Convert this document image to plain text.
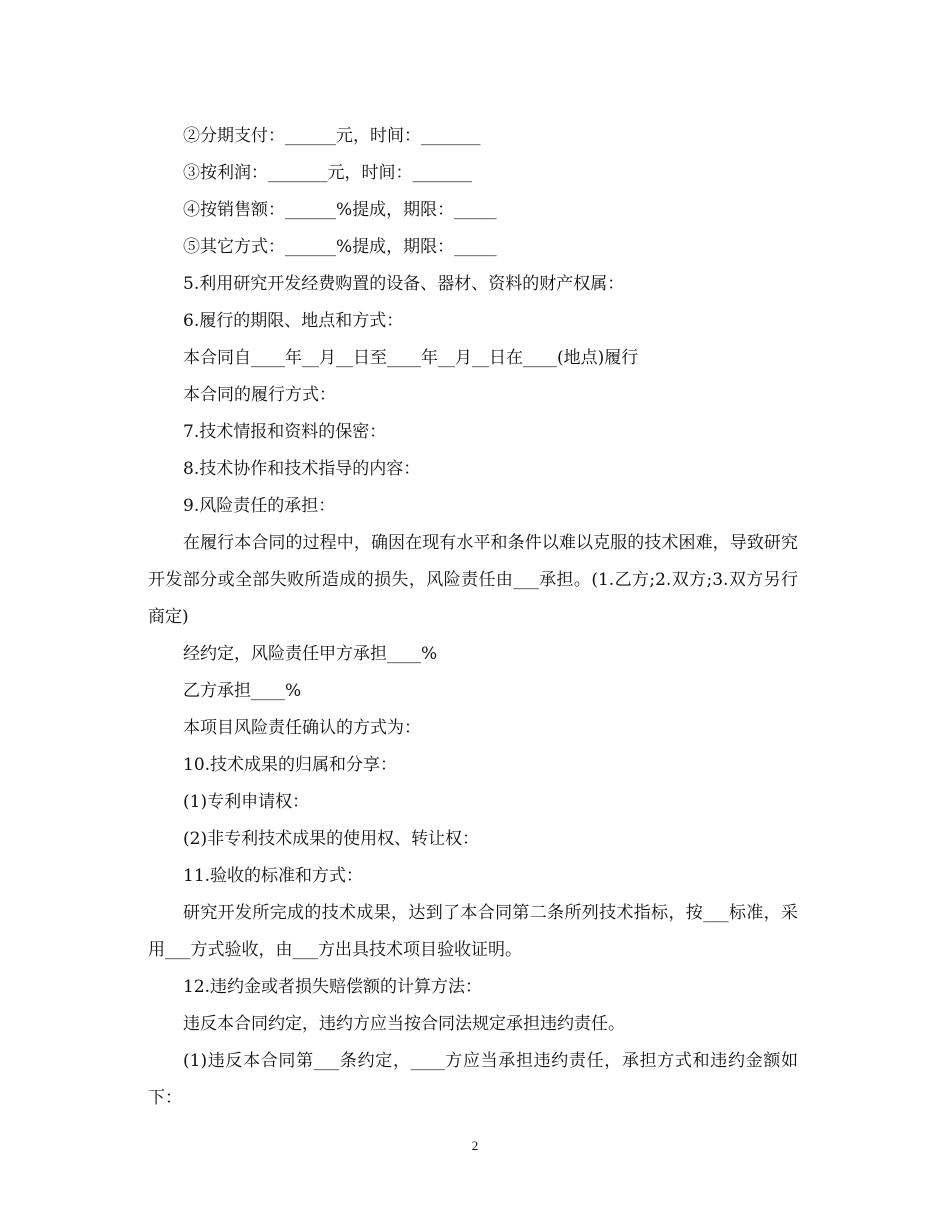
②分期支付：______元，时间：_______

③按利润：_______元，时间：_______

④按销售额：______%提成，期限：_____

⑤其它方式：______%提成，期限：_____

5.利用研究开发经费购置的设备、器材、资料的财产权属：

6.履行的期限、地点和方式：

本合同自____年__月__日至____年__月__日在____(地点)履行

本合同的履行方式：

7.技术情报和资料的保密：

8.技术协作和技术指导的内容：

9.风险责任的承担：

在履行本合同的过程中，确因在现有水平和条件以难以克服的技术困难，导致研究开发部分或全部失败所造成的损失，风险责任由___承担。(1.乙方;2.双方;3.双方另行商定)

经约定，风险责任甲方承担____%

乙方承担____%

本项目风险责任确认的方式为：

10.技术成果的归属和分享：

(1)专利申请权：

(2)非专利技术成果的使用权、转让权：

11.验收的标准和方式：

研究开发所完成的技术成果，达到了本合同第二条所列技术指标，按___标准，采用___方式验收，由___方出具技术项目验收证明。

12.违约金或者损失赔偿额的计算方法：

违反本合同约定，违约方应当按合同法规定承担违约责任。

(1)违反本合同第___条约定，____方应当承担违约责任，承担方式和违约金额如下：

2
